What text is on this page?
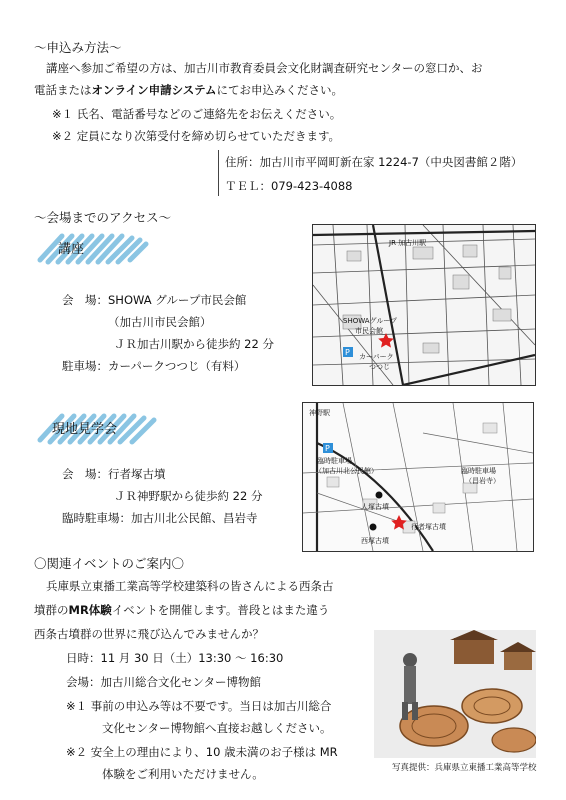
～申込み方法～
講座へ参加ご希望の方は、加古川市教育委員会文化財調査研究センターの窓口か、お
電話またはオンライン申請システムにてお申込みください。
※１ 氏名、電話番号などのご連絡先をお伝えください。
※２ 定員になり次第受付を締め切らせていただきます。
住所：加古川市平岡町新在家 1224-7（中央図書館２階）
ＴＥＬ：079-423-4088
～会場までのアクセス～
講座
会　場：SHOWA グループ市民会館
（加古川市民会館）
ＪＲ加古川駅から徒歩約 22 分
駐車場：カーパークつつじ（有料）
JR 加古川駅
SHOWAグループ
市民会館
カーパーク
つつじ
P
現地見学会
会　場：行者塚古墳
ＪＲ神野駅から徒歩約 22 分
臨時駐車場：加古川北公民館、昌岩寺
神野駅
P
臨時駐車場
（加古川北公民館）	臨時駐車場
（昌岩寺）
人塚古墳
西塚古墳
行者塚古墳
〇関連イベントのご案内〇
兵庫県立東播工業高等学校建築科の皆さんによる西条古
墳群のMR体験イベントを開催します。普段とはまた違う
西条古墳群の世界に飛び込んでみませんか？
日時：11 月 30 日（土）13:30 ～ 16:30
会場：加古川総合文化センター博物館
※１ 事前の申込み等は不要です。当日は加古川総合
文化センター博物館へ直接お越しください。
※２ 安全上の理由により、10 歳未満のお子様は MR
体験をご利用いただけません。	写真提供：兵庫県立東播工業高等学校
